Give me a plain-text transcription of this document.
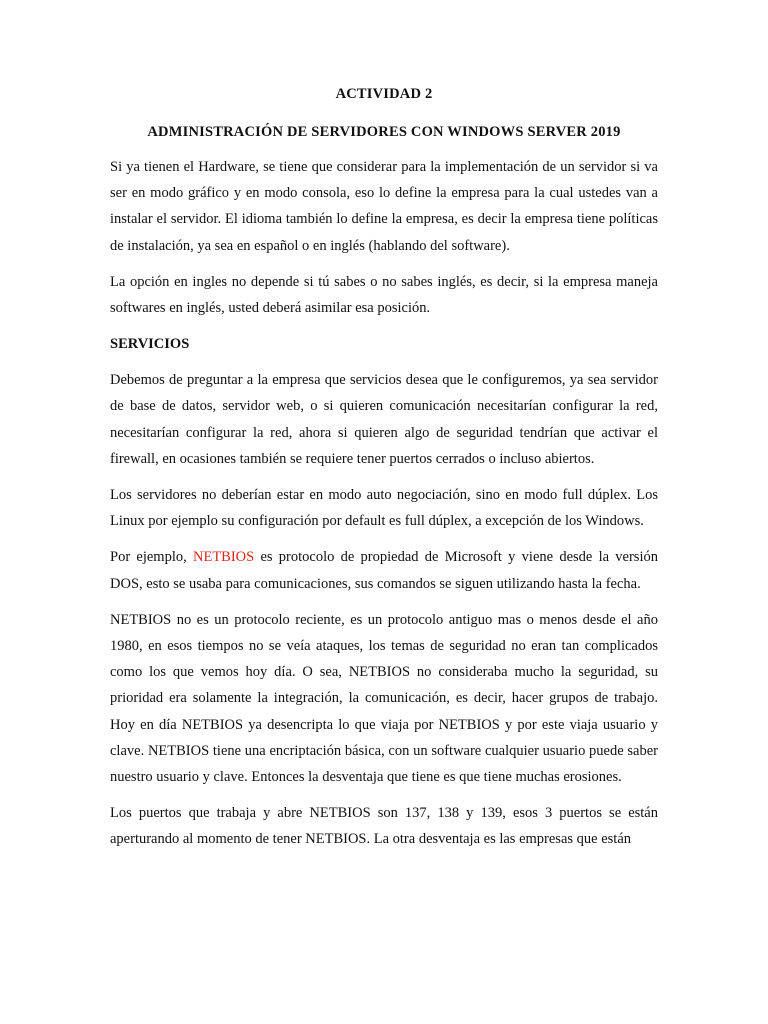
ACTIVIDAD 2

ADMINISTRACIÓN DE SERVIDORES CON WINDOWS SERVER 2019

Si ya tienen el Hardware, se tiene que considerar para la implementación de un servidor si va ser en modo gráfico y en modo consola, eso lo define la empresa para la cual ustedes van a instalar el servidor. El idioma también lo define la empresa, es decir la empresa tiene políticas de instalación, ya sea en español o en inglés (hablando del software).

La opción en ingles no depende si tú sabes o no sabes inglés, es decir, si la empresa maneja softwares en inglés, usted deberá asimilar esa posición.

SERVICIOS

Debemos de preguntar a la empresa que servicios desea que le configuremos, ya sea servidor de base de datos, servidor web, o si quieren comunicación necesitarían configurar la red, necesitarían configurar la red, ahora si quieren algo de seguridad tendrían que activar el firewall, en ocasiones también se requiere tener puertos cerrados o incluso abiertos.

Los servidores no deberían estar en modo auto negociación, sino en modo full dúplex. Los Linux por ejemplo su configuración por default es full dúplex, a excepción de los Windows.

Por ejemplo, NETBIOS es protocolo de propiedad de Microsoft y viene desde la versión DOS, esto se usaba para comunicaciones, sus comandos se siguen utilizando hasta la fecha.

NETBIOS no es un protocolo reciente, es un protocolo antiguo mas o menos desde el año 1980, en esos tiempos no se veía ataques, los temas de seguridad no eran tan complicados como los que vemos hoy día. O sea, NETBIOS no consideraba mucho la seguridad, su prioridad era solamente la integración, la comunicación, es decir, hacer grupos de trabajo. Hoy en día NETBIOS ya desencripta lo que viaja por NETBIOS y por este viaja usuario y clave. NETBIOS tiene una encriptación básica, con un software cualquier usuario puede saber nuestro usuario y clave. Entonces la desventaja que tiene es que tiene muchas erosiones.

Los puertos que trabaja y abre NETBIOS son 137, 138 y 139, esos 3 puertos se están aperturando al momento de tener NETBIOS. La otra desventaja es las empresas que están
